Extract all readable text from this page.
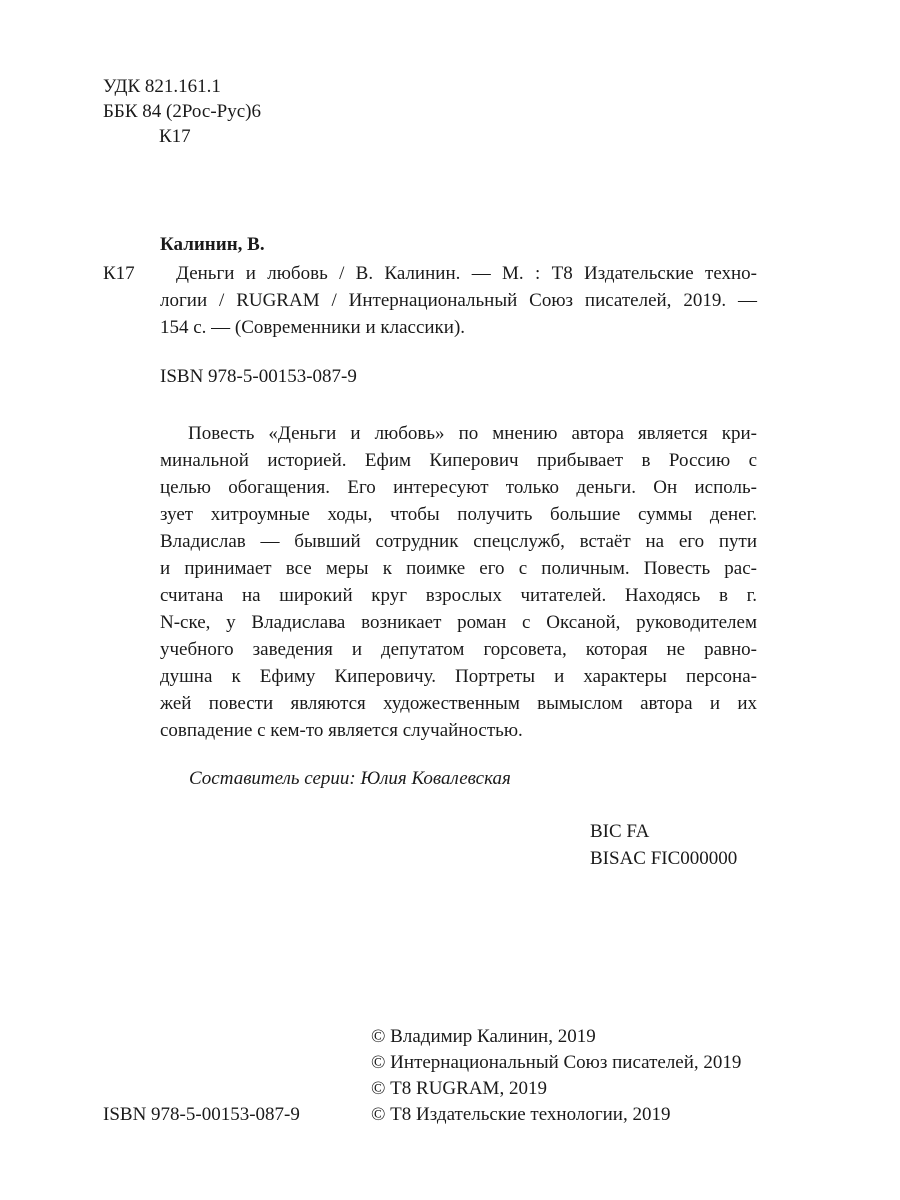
УДК 821.161.1
ББК 84 (2Рос-Рус)6
К17
Калинин, В.
К17	Деньги и любовь / В. Калинин. — М. : Т8 Издательские техно-
логии / RUGRAM / Интернациональный Союз писателей, 2019. —
154 с. — (Современники и классики).
ISBN 978-5-00153-087-9
Повесть «Деньги и любовь» по мнению автора является кри-
минальной историей. Ефим Киперович прибывает в Россию с
целью обогащения. Его интересуют только деньги. Он исполь-
зует хитроумные ходы, чтобы получить большие суммы денег.
Владислав — бывший сотрудник спецслужб, встаёт на его пути
и принимает все меры к поимке его с поличным. Повесть рас-
считана на широкий круг взрослых читателей. Находясь в г.
N-ске, у Владислава возникает роман с Оксаной, руководителем
учебного заведения и депутатом горсовета, которая не равно-
душна к Ефиму Киперовичу. Портреты и характеры персона-
жей повести являются художественным вымыслом автора и их
совпадение с кем-то является случайностью.
Составитель серии: Юлия Ковалевская
BIC FA
BISAC FIC000000
ISBN 978-5-00153-087-9
© Владимир Калинин, 2019
© Интернациональный Союз писателей, 2019
© Т8 RUGRAM, 2019
© Т8 Издательские технологии, 2019
